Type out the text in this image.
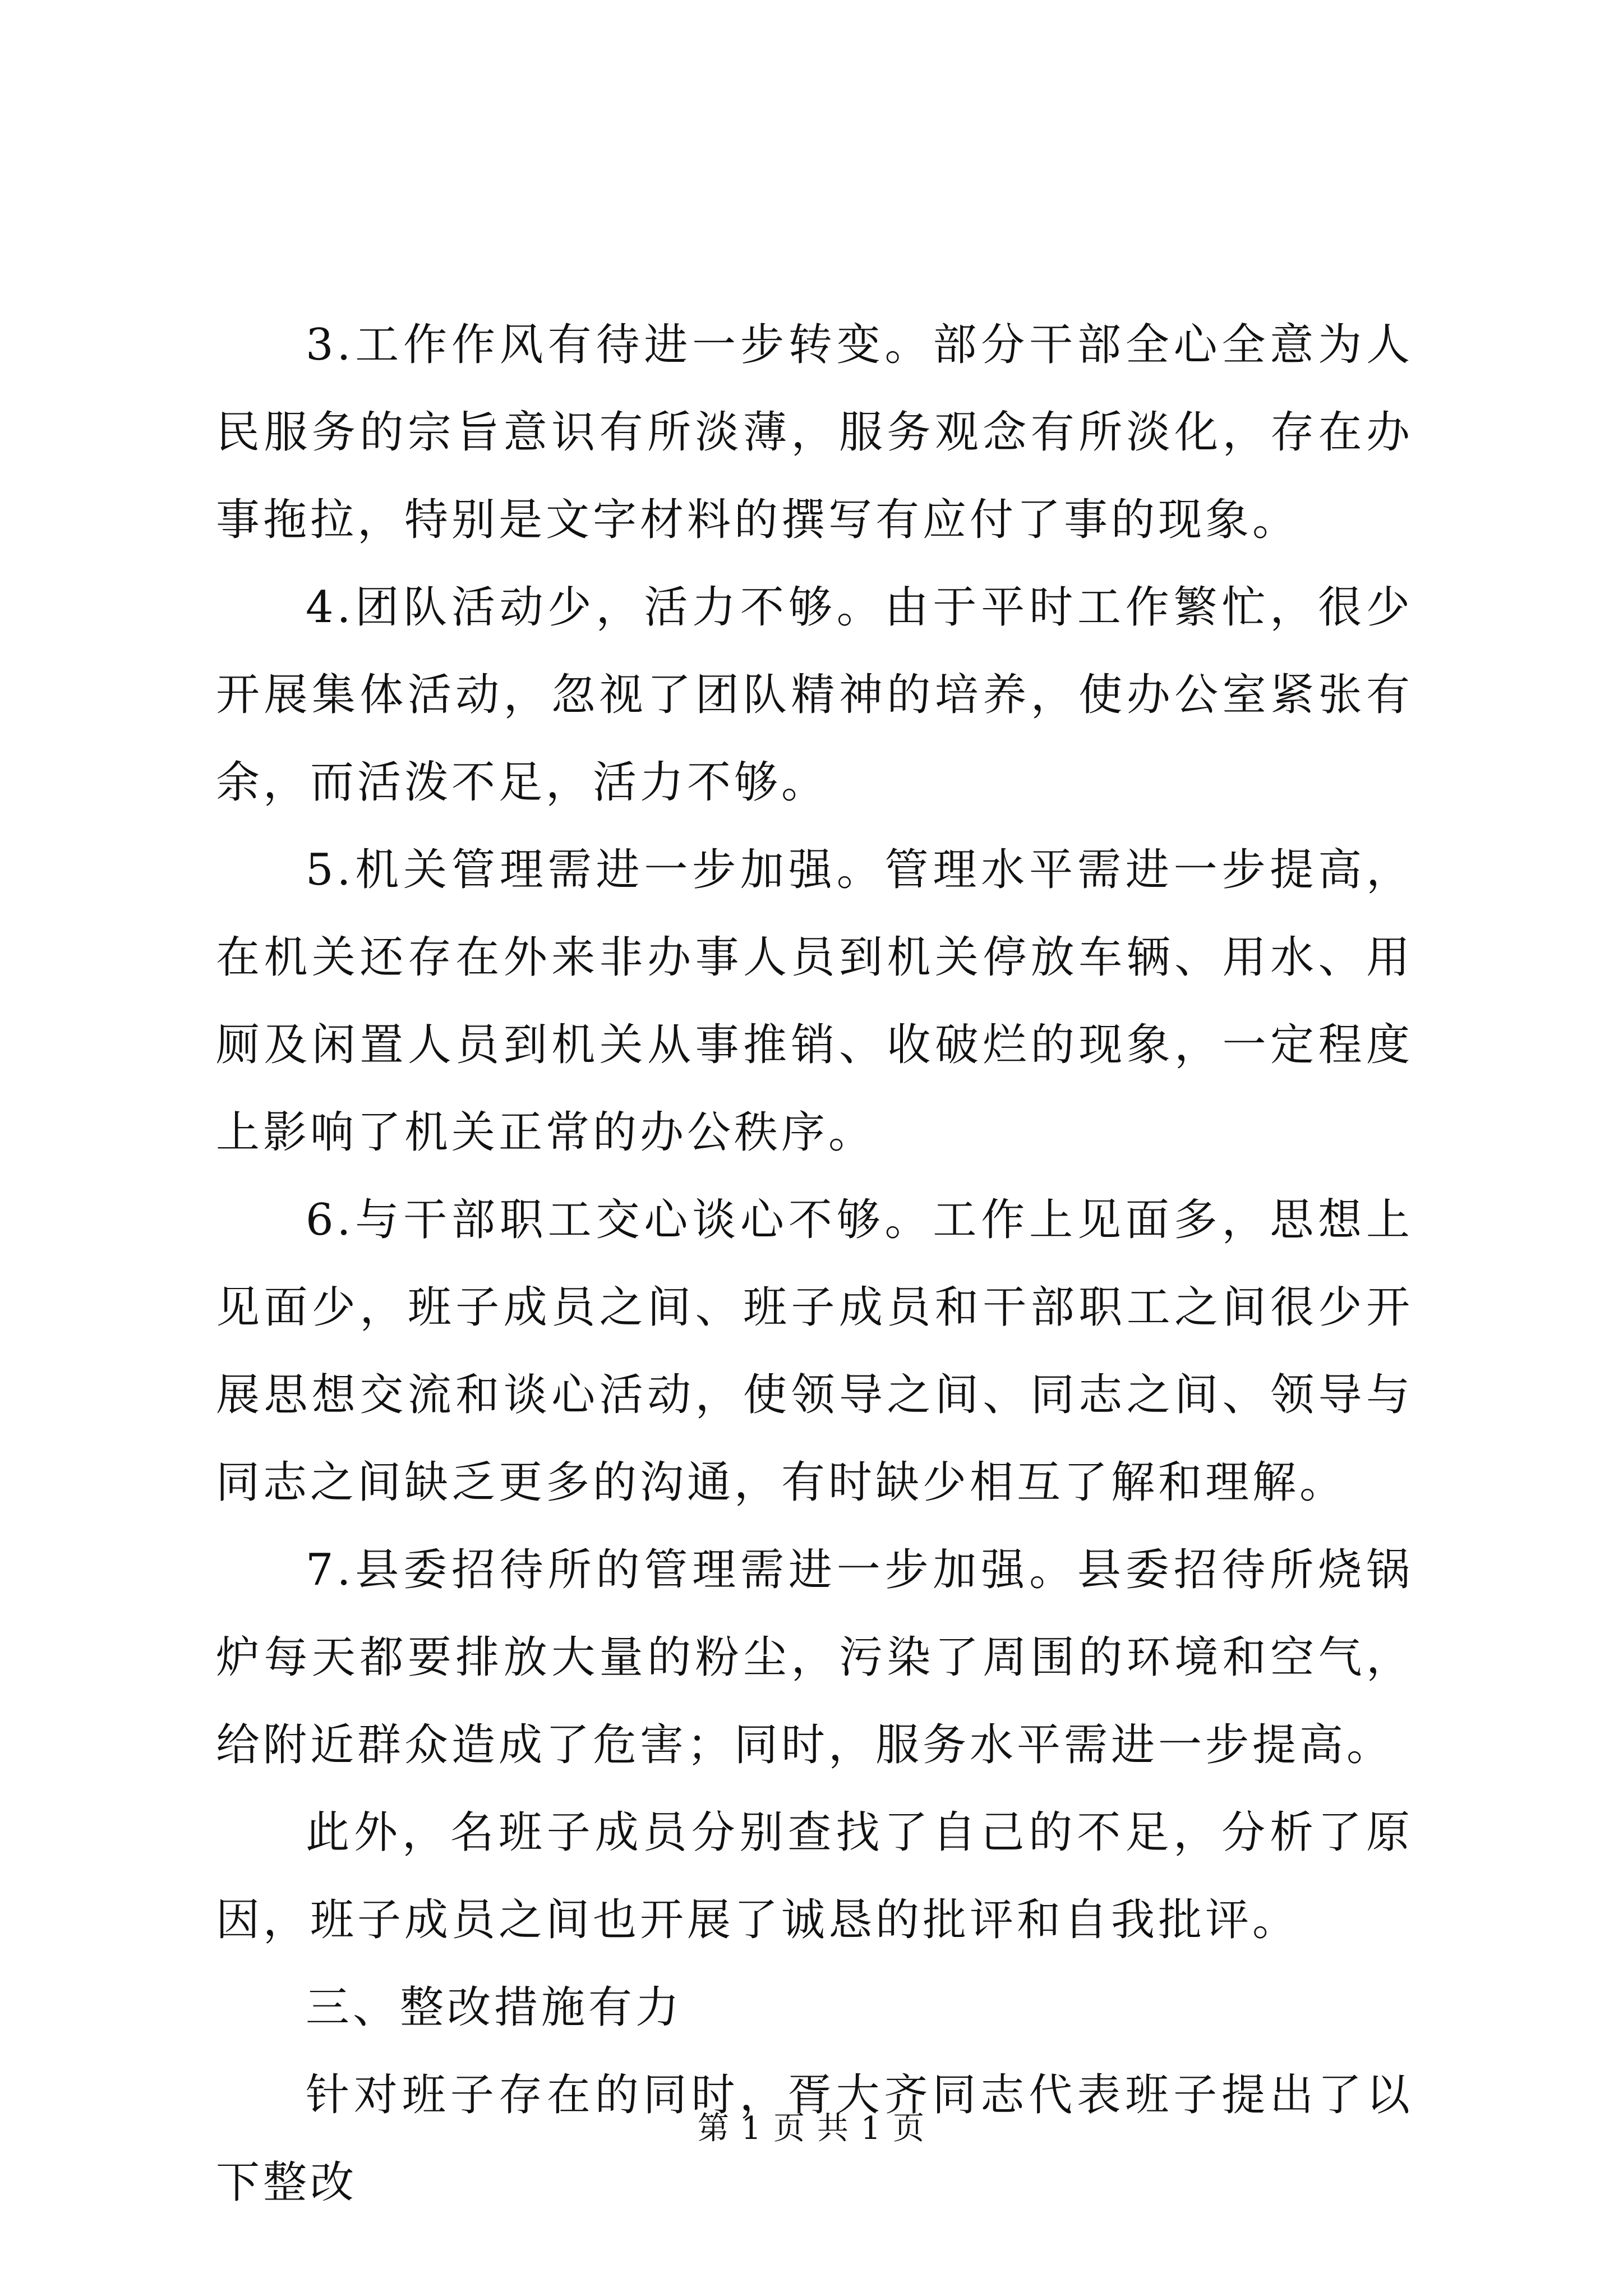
3.工作作风有待进一步转变。部分干部全心全意为人民服务的宗旨意识有所淡薄，服务观念有所淡化，存在办事拖拉，特别是文字材料的撰写有应付了事的现象。

4.团队活动少，活力不够。由于平时工作繁忙，很少开展集体活动，忽视了团队精神的培养，使办公室紧张有余，而活泼不足，活力不够。

5.机关管理需进一步加强。管理水平需进一步提高，在机关还存在外来非办事人员到机关停放车辆、用水、用厕及闲置人员到机关从事推销、收破烂的现象，一定程度上影响了机关正常的办公秩序。

6.与干部职工交心谈心不够。工作上见面多，思想上见面少，班子成员之间、班子成员和干部职工之间很少开展思想交流和谈心活动，使领导之间、同志之间、领导与同志之间缺乏更多的沟通，有时缺少相互了解和理解。

7.县委招待所的管理需进一步加强。县委招待所烧锅炉每天都要排放大量的粉尘，污染了周围的环境和空气，给附近群众造成了危害；同时，服务水平需进一步提高。

此外，名班子成员分别查找了自己的不足，分析了原因，班子成员之间也开展了诚恳的批评和自我批评。

三、整改措施有力

针对班子存在的同时，胥大齐同志代表班子提出了以下整改

第 1 页 共 1 页
